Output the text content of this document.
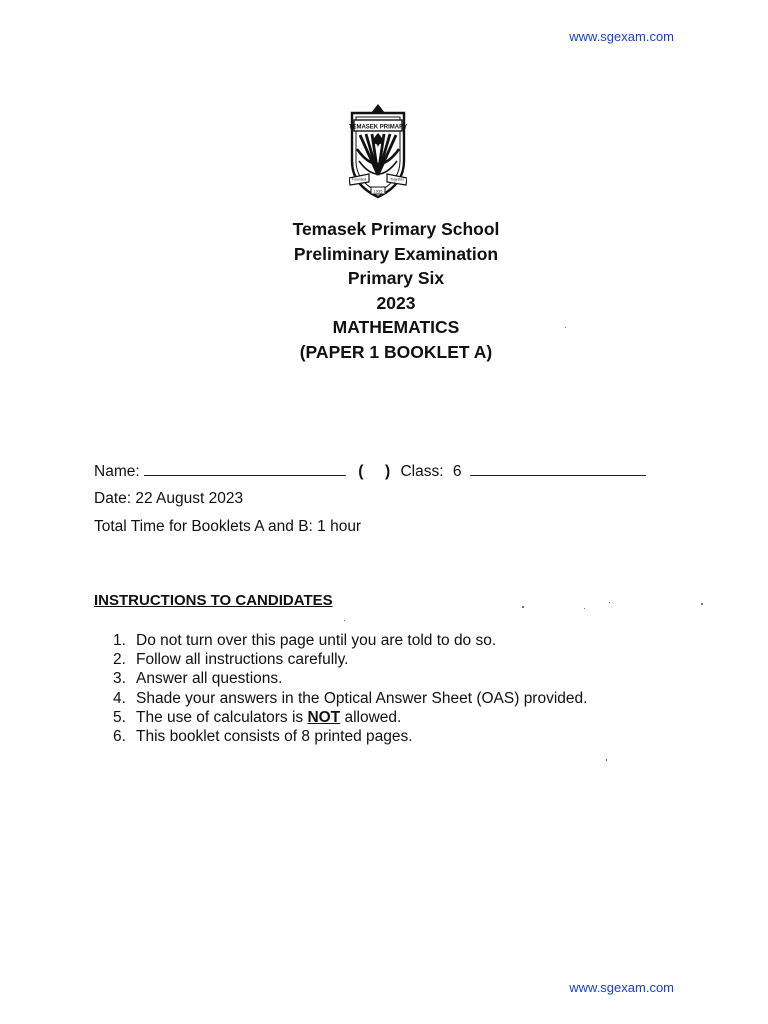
www.sgexam.com
TEMASEK PRIMARY
Founded	Together
1935
Temasek Primary School
Preliminary Examination
Primary Six
2023
MATHEMATICS
(PAPER 1 BOOKLET A)
Name:	(     ) Class: 6
Date: 22 August 2023
Total Time for Booklets A and B: 1 hour
INSTRUCTIONS TO CANDIDATES
1. Do not turn over this page until you are told to do so.
2. Follow all instructions carefully.
3. Answer all questions.
4. Shade your answers in the Optical Answer Sheet (OAS) provided.
5. The use of calculators is NOT allowed.
6. This booklet consists of 8 printed pages.
www.sgexam.com
